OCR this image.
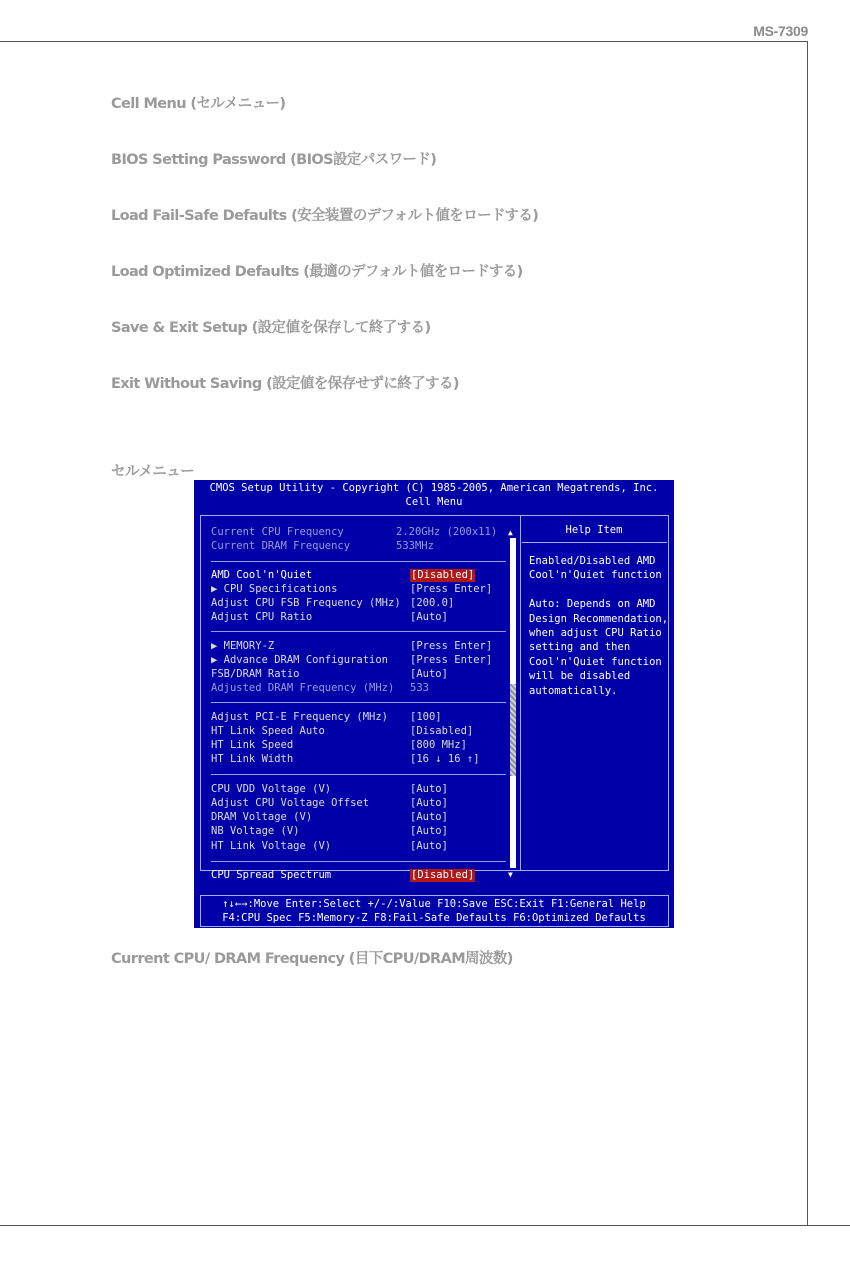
MS-7309
Cell Menu (セルメニュー)
BIOS Setting Password (BIOS設定パスワード)
Load Fail-Safe Defaults (安全装置のデフォルト値をロードする)
Load Optimized Defaults (最適のデフォルト値をロードする)
Save & Exit Setup (設定値を保存して終了する)
Exit Without Saving (設定値を保存せずに終了する)
セルメニュー
CMOS Setup Utility - Copyright (C) 1985-2005, American Megatrends, Inc.
Cell Menu
Current CPU Frequency	2.20GHz (200x11)
Current DRAM Frequency	533MHz
AMD Cool'n'Quiet	[Disabled]
▶ CPU Specifications	[Press Enter]
Adjust CPU FSB Frequency (MHz) [200.0]
Adjust CPU Ratio	[Auto]
▶ MEMORY-Z	[Press Enter]
▶ Advance DRAM Configuration [Press Enter]
FSB/DRAM Ratio	[Auto]
Adjusted DRAM Frequency (MHz) 533
Adjust PCI-E Frequency (MHz) [100]
HT Link Speed Auto	[Disabled]
HT Link Speed	[800 MHz]
HT Link Width	[16 ↓ 16 ↑]
CPU VDD Voltage (V)	[Auto]
Adjust CPU Voltage Offset	[Auto]
DRAM Voltage (V)	[Auto]
NB Voltage (V)	[Auto]
HT Link Voltage (V)	[Auto]
CPU Spread Spectrum	[Disabled]
▲
▼
Help Item
Enabled/Disabled AMD
Cool'n'Quiet function
Auto: Depends on AMD
Design Recommendation,
when adjust CPU Ratio
setting and then
Cool'n'Quiet function
will be disabled
automatically.
↑↓←→:Move Enter:Select +/-/:Value F10:Save ESC:Exit F1:General Help
F4:CPU Spec F5:Memory-Z F8:Fail-Safe Defaults F6:Optimized Defaults
Current CPU/ DRAM Frequency (目下CPU/DRAM周波数)
